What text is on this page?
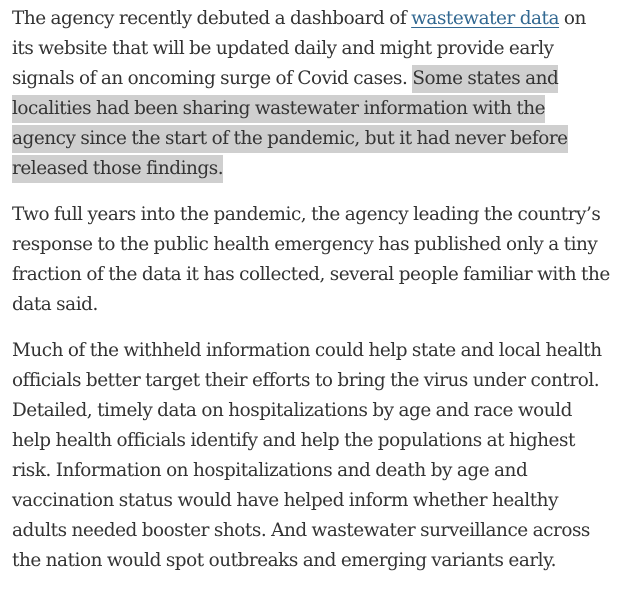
The agency recently debuted a dashboard of wastewater data on its website that will be updated daily and might provide early signals of an oncoming surge of Covid cases. Some states and localities had been sharing wastewater information with the agency since the start of the pandemic, but it had never before released those findings.

Two full years into the pandemic, the agency leading the country’s response to the public health emergency has published only a tiny fraction of the data it has collected, several people familiar with the data said.

Much of the withheld information could help state and local health officials better target their efforts to bring the virus under control. Detailed, timely data on hospitalizations by age and race would help health officials identify and help the populations at highest risk. Information on hospitalizations and death by age and vaccination status would have helped inform whether healthy adults needed booster shots. And wastewater surveillance across the nation would spot outbreaks and emerging variants early.
